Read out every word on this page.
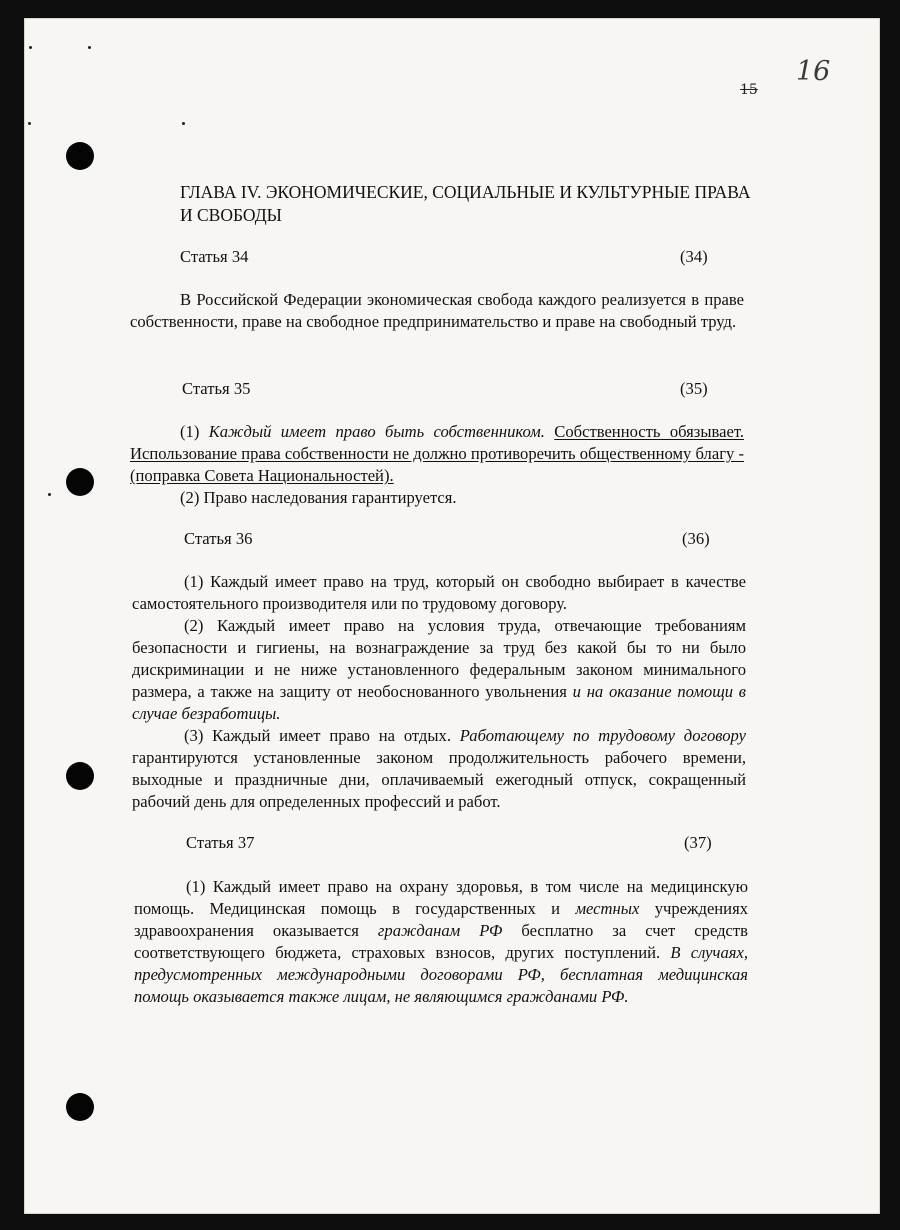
15
16
ГЛАВА IV. ЭКОНОМИЧЕСКИЕ, СОЦИАЛЬНЫЕ И КУЛЬТУРНЫЕ ПРАВА И СВОБОДЫ
Статья 34	(34)

В Российской Федерации экономическая свобода каждого реализуется в праве собственности, праве на свободное предпринимательство и праве на свободный труд.

Статья 35	(35)

(1) Каждый имеет право быть собственником. Собственность обязывает. Использование права собственности не должно противоречить общественному благу - (поправка Совета Национальностей).

(2) Право наследования гарантируется.

Статья 36	(36)

(1) Каждый имеет право на труд, который он свободно выбирает в качестве самостоятельного производителя или по трудовому договору.

(2) Каждый имеет право на условия труда, отвечающие требованиям безопасности и гигиены, на вознаграждение за труд без какой бы то ни было дискриминации и не ниже установленного федеральным законом минимального размера, а также на защиту от необоснованного увольнения и на оказание помощи в случае безработицы.

(3) Каждый имеет право на отдых. Работающему по трудовому договору гарантируются установленные законом продолжительность рабочего времени, выходные и праздничные дни, оплачиваемый ежегодный отпуск, сокращенный рабочий день для определенных профессий и работ.

Статья 37	(37)

(1) Каждый имеет право на охрану здоровья, в том числе на медицинскую помощь. Медицинская помощь в государственных и местных учреждениях здравоохранения оказывается гражданам РФ бесплатно за счет средств соответствующего бюджета, страховых взносов, других поступлений. В случаях, предусмотренных международными договорами РФ, бесплатная медицинская помощь оказывается также лицам, не являющимся гражданами РФ.
